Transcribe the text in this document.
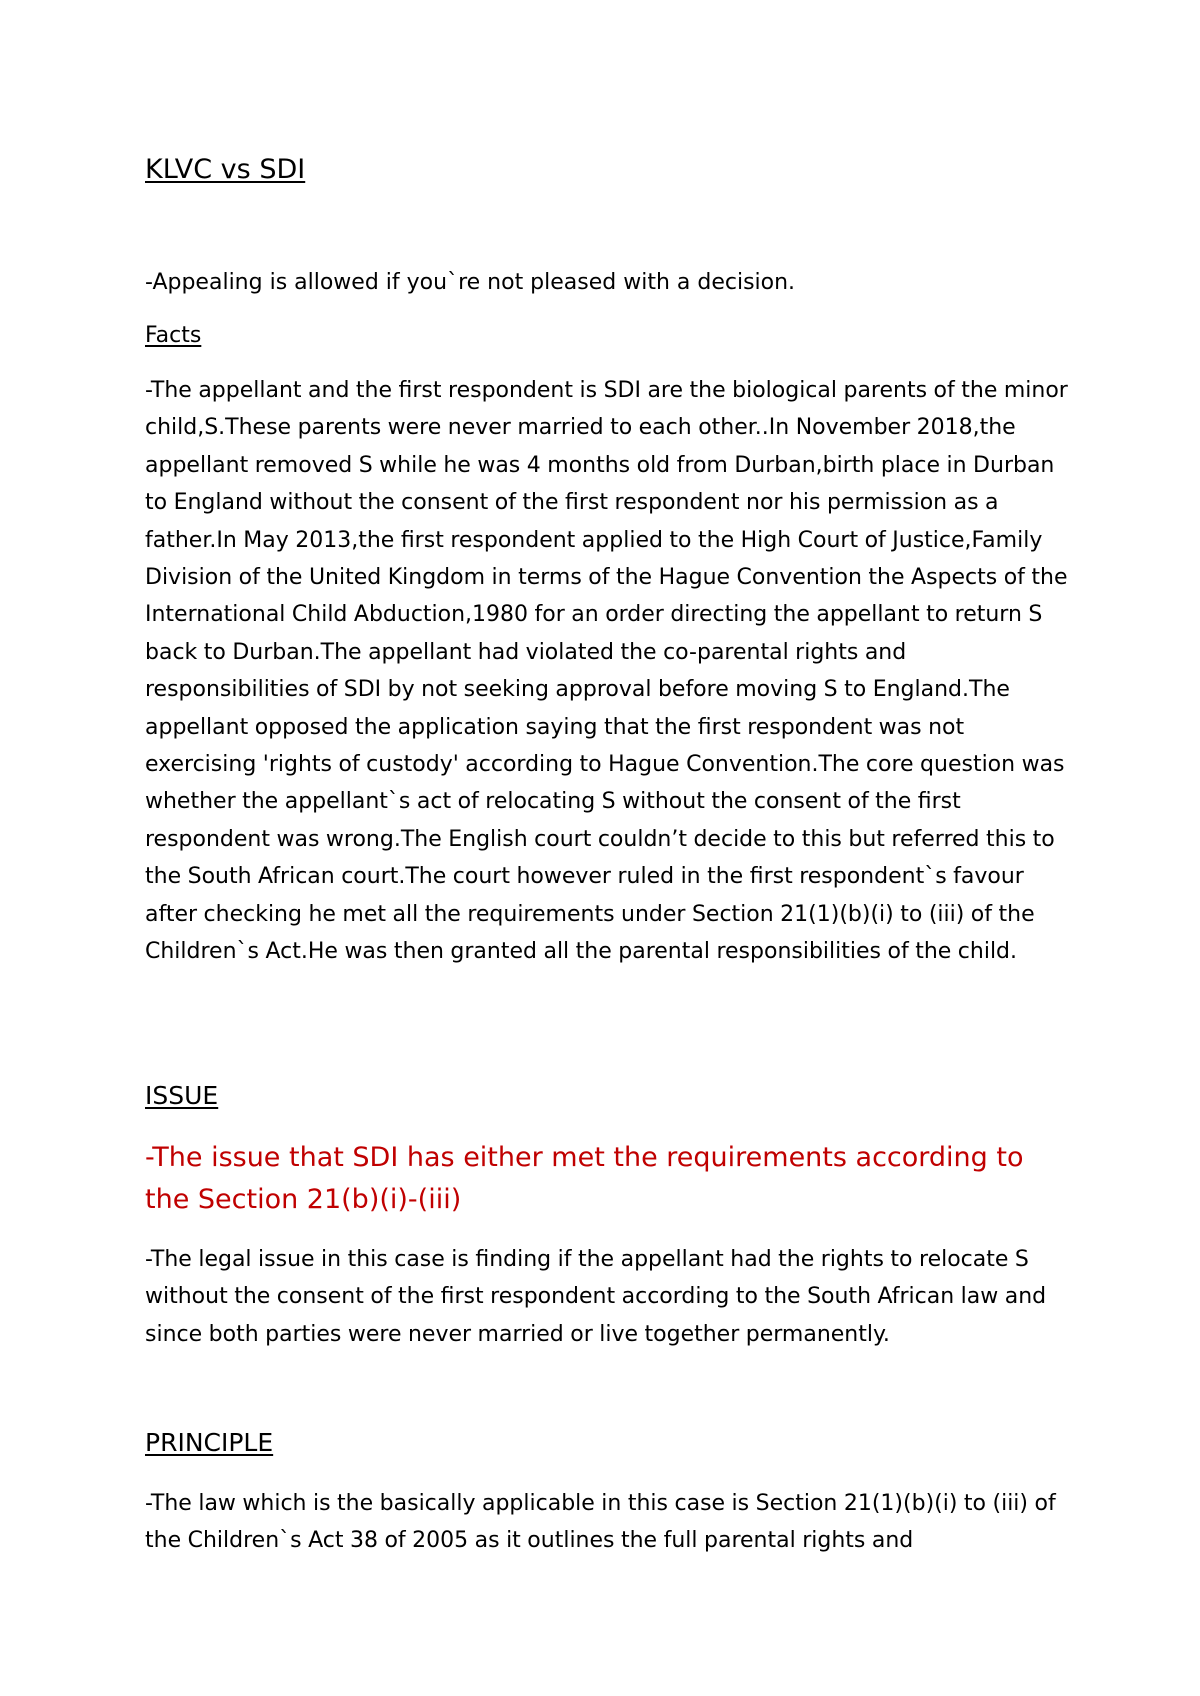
KLVC vs SDI

-Appealing is allowed if you`re not pleased with a decision.

Facts

-The appellant and the first respondent is SDI are the biological parents of the minor child,S.These parents were never married to each other..In November 2018,the appellant removed S while he was 4 months old from Durban,birth place in Durban to England without the consent of the first respondent nor his permission as a father.In May 2013,the first respondent applied to the High Court of Justice,Family Division of the United Kingdom in terms of the Hague Convention the Aspects of the International Child Abduction,1980 for an order directing the appellant to return S back to Durban.The appellant had violated the co-parental rights and responsibilities of SDI by not seeking approval before moving S to England.The appellant opposed the application saying that the first respondent was not exercising 'rights of custody' according to Hague Convention.The core question was whether the appellant`s act of relocating S without the consent of the first respondent was wrong.The English court couldn’t decide to this but referred this to the South African court.The court however ruled in the first respondent`s favour after checking he met all the requirements under Section 21(1)(b)(i) to (iii) of the Children`s Act.He was then granted all the parental responsibilities of the child.

ISSUE

-The issue that SDI has either met the requirements according to the Section 21(b)(i)-(iii)

-The legal issue in this case is finding if the appellant had the rights to relocate S without the consent of the first respondent according to the South African law and since both parties were never married or live together permanently.

PRINCIPLE

-The law which is the basically applicable in this case is Section 21(1)(b)(i) to (iii) of the Children`s Act 38 of 2005 as it outlines the full parental rights and
